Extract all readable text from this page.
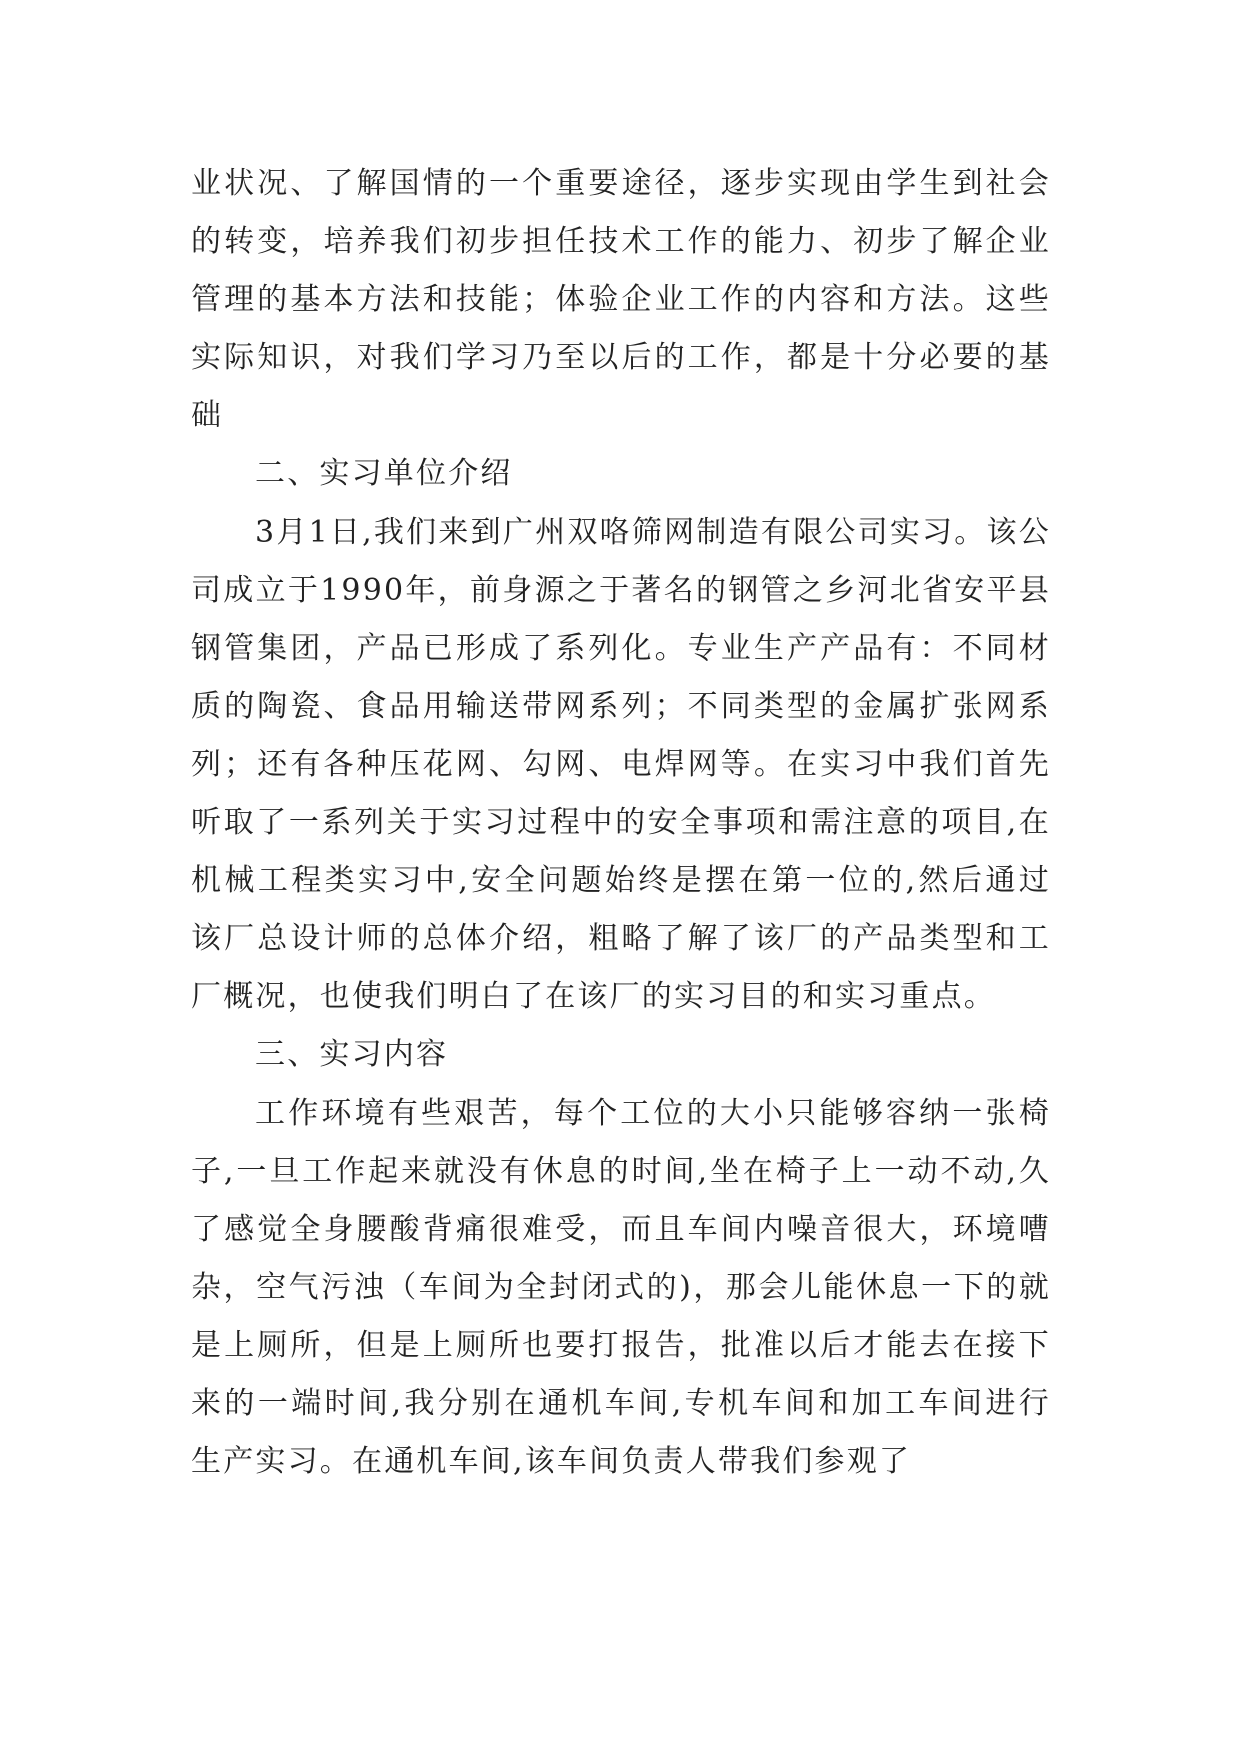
业状况、了解国情的一个重要途径，逐步实现由学生到社会的转变，培养我们初步担任技术工作的能力、初步了解企业管理的基本方法和技能；体验企业工作的内容和方法。这些实际知识，对我们学习乃至以后的工作，都是十分必要的基础

二、实习单位介绍

3月1日,我们来到广州双咯筛网制造有限公司实习。该公司成立于1990年，前身源之于著名的钢管之乡河北省安平县钢管集团，产品已形成了系列化。专业生产产品有：不同材质的陶瓷、食品用输送带网系列；不同类型的金属扩张网系列；还有各种压花网、勾网、电焊网等。在实习中我们首先听取了一系列关于实习过程中的安全事项和需注意的项目,在机械工程类实习中,安全问题始终是摆在第一位的,然后通过该厂总设计师的总体介绍，粗略了解了该厂的产品类型和工厂概况，也使我们明白了在该厂的实习目的和实习重点。

三、实习内容

工作环境有些艰苦，每个工位的大小只能够容纳一张椅子,一旦工作起来就没有休息的时间,坐在椅子上一动不动,久了感觉全身腰酸背痛很难受，而且车间内噪音很大，环境嘈杂，空气污浊（车间为全封闭式的)，那会儿能休息一下的就是上厕所，但是上厕所也要打报告，批准以后才能去在接下来的一端时间,我分别在通机车间,专机车间和加工车间进行生产实习。在通机车间,该车间负责人带我们参观了
